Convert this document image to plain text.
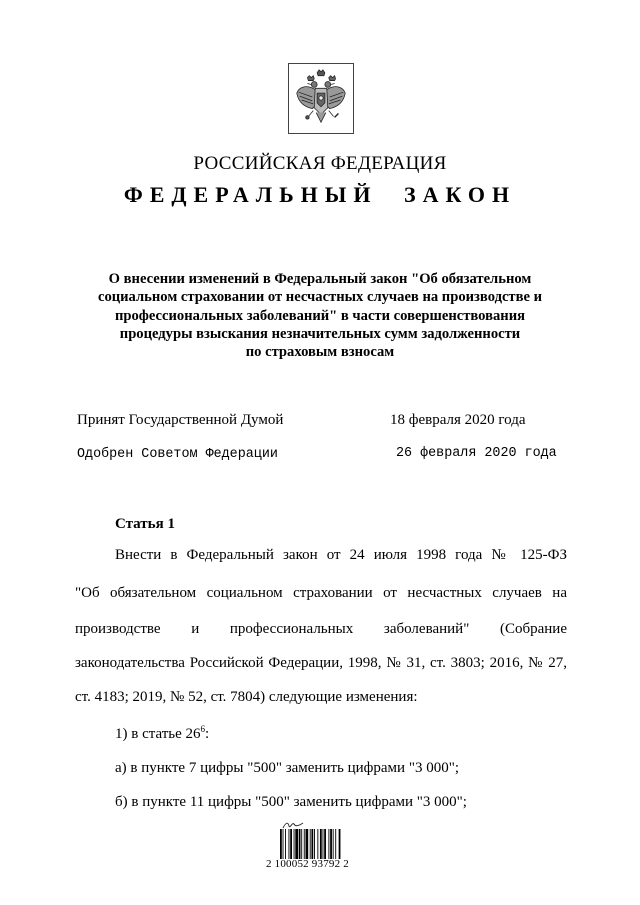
РОССИЙСКАЯ ФЕДЕРАЦИЯ
ФЕДЕРАЛЬНЫЙ ЗАКОН
О внесении изменений в Федеральный закон "Об обязательном
социальном страховании от несчастных случаев на производстве и
профессиональных заболеваний" в части совершенствования
процедуры взыскания незначительных сумм задолженности
по страховым взносам
Принят Государственной Думой	18 февраля 2020 года
Одобрен Советом Федерации	26 февраля 2020 года
Статья 1
Внести в Федеральный закон от 24 июля 1998 года № 125-ФЗ
"Об обязательном социальном страховании от несчастных случаев на
производстве и профессиональных заболеваний" (Собрание
законодательства Российской Федерации, 1998, № 31, ст. 3803; 2016, № 27,
ст. 4183; 2019, № 52, ст. 7804) следующие изменения:
1) в статье $26^6$:
а) в пункте 7 цифры "500" заменить цифрами "3 000";
б) в пункте 11 цифры "500" заменить цифрами "3 000";
2 100052 93792 2
